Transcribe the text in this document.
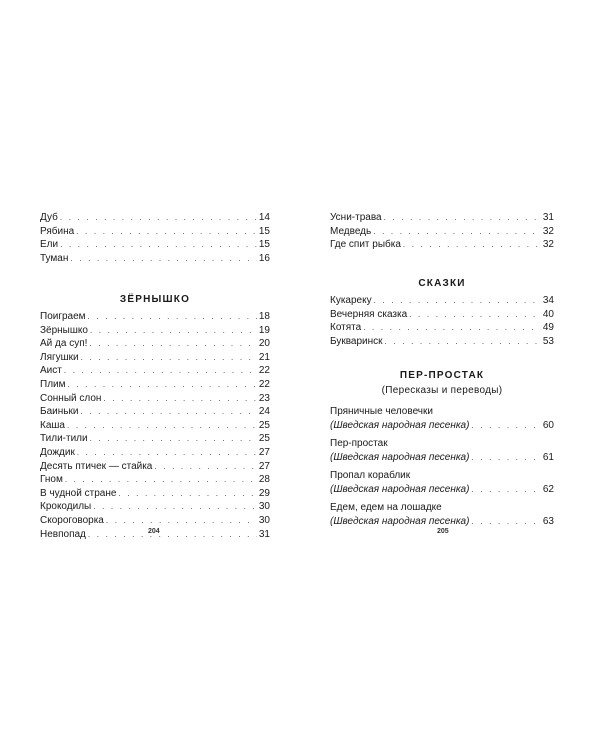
Дуб . . .	14
Рябина . . .	15
Ели . . .	15
Туман . . .	16
ЗЁРНЫШКО
Поиграем . . .	18
Зёрнышко . . .	19
Ай да суп! . . .	20
Лягушки . . .	21
Аист . . .	22
Плим . . .	22
Сонный слон . . .	23
Баиньки . . .	24
Каша . . .	25
Тили-тили . . .	25
Дождик . . .	27
Десять птичек — стайка . . .	27
Гном . . .	28
В чудной стране . . .	29
Крокодилы . . .	30
Скороговорка . . .	30
Невпопад . . .	31
204
Усни-трава . . .	31
Медведь . . .	32
Где спит рыбка . . .	32
СКАЗКИ
Кукареку . . .	34
Вечерняя сказка . . .	40
Котята . . .	49
Букваринск . . .	53
ПЕР-ПРОСТАК
(Пересказы и переводы)
Пряничные человечки
(Шведская народная песенка) . . .	60
Пер-простак
(Шведская народная песенка) . . .	61
Пропал кораблик
(Шведская народная песенка) . . .	62
Едем, едем на лошадке
(Шведская народная песенка) . . .	63
205
